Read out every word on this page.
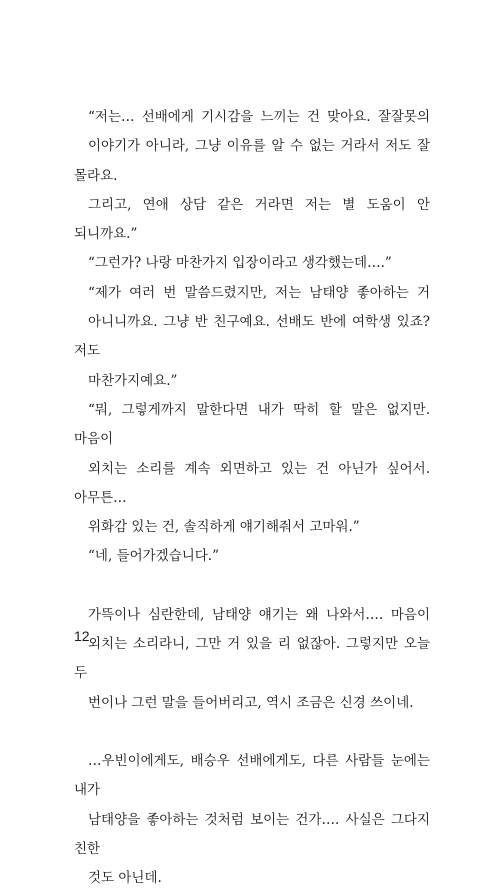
“저는… 선배에게 기시감을 느끼는 건 맞아요. 잘잘못의
이야기가 아니라, 그냥 이유를 알 수 없는 거라서 저도 잘 몰라요.
그리고, 연애 상담 같은 거라면 저는 별 도움이 안 되니까요.”

“그런가? 나랑 마찬가지 입장이라고 생각했는데….”

“제가 여러 번 말씀드렸지만, 저는 남태양 좋아하는 거
아니니까요. 그냥 반 친구예요. 선배도 반에 여학생 있죠? 저도
마찬가지예요.”

“뭐, 그렇게까지 말한다면 내가 딱히 할 말은 없지만. 마음이
외치는 소리를 계속 외면하고 있는 건 아닌가 싶어서. 아무튼…
위화감 있는 건, 솔직하게 얘기해줘서 고마워.”

“네, 들어가겠습니다.”

가뜩이나 심란한데, 남태양 얘기는 왜 나와서…. 마음이
외치는 소리라니, 그만 거 있을 리 없잖아. 그렇지만 오늘 두
번이나 그런 말을 들어버리고, 역시 조금은 신경 쓰이네.

…우빈이에게도, 배승우 선배에게도, 다른 사람들 눈에는 내가
남태양을 좋아하는 것처럼 보이는 건가…. 사실은 그다지 친한
것도 아닌데.

12
